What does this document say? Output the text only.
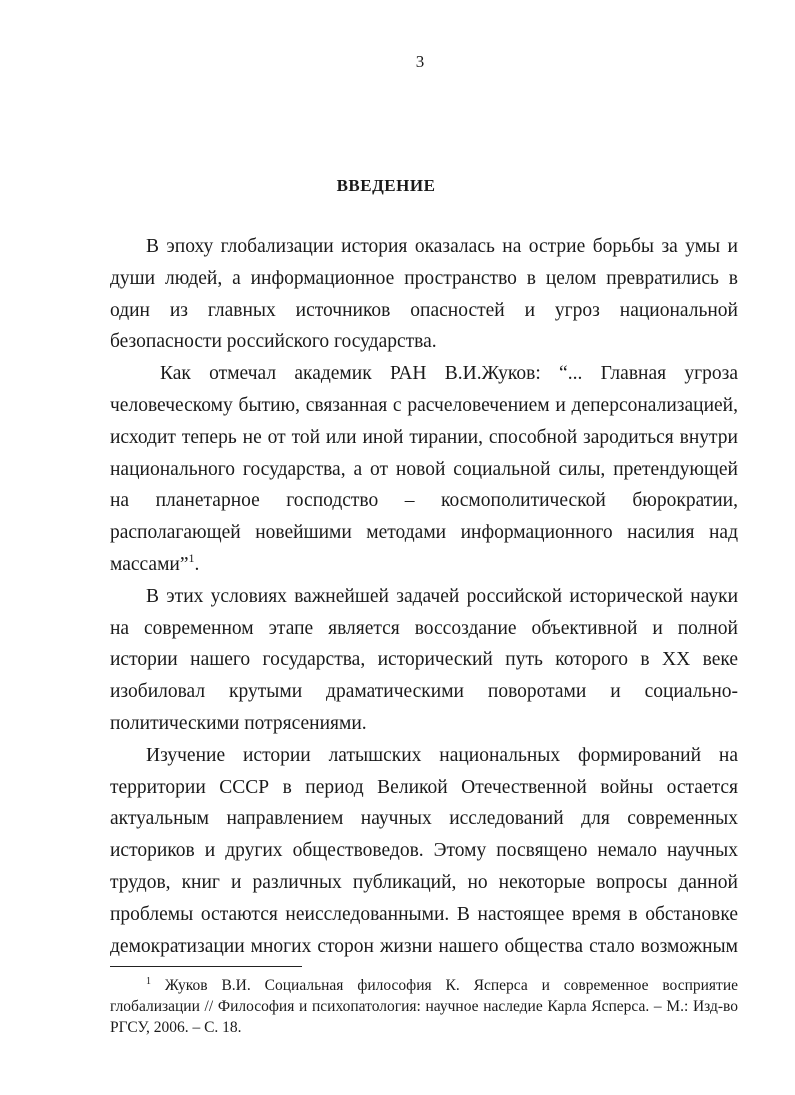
3
ВВЕДЕНИЕ

В эпоху глобализации история оказалась на острие борьбы за умы и души людей, а информационное пространство в целом превратились в один из главных источников опасностей и угроз национальной безопасности российского государства.

Как отмечал академик РАН В.И.Жуков: “... Главная угроза человеческому бытию, связанная с расчеловечением и деперсонализацией, исходит теперь не от той или иной тирании, способной зародиться внутри национального государства, а от новой социальной силы, претендующей на планетарное господство – космополитической бюрократии, располагающей новейшими методами информационного насилия над массами”$^1$.

В этих условиях важнейшей задачей российской исторической науки на современном этапе является воссоздание объективной и полной истории нашего государства, исторический путь которого в XX веке изобиловал крутыми драматическими поворотами и социально-политическими потрясениями.

Изучение истории латышских национальных формирований на территории СССР в период Великой Отечественной войны остается актуальным направлением научных исследований для современных историков и других обществоведов. Этому посвящено немало научных трудов, книг и различных публикаций, но некоторые вопросы данной проблемы остаются неисследованными. В настоящее время в обстановке демократизации многих сторон жизни нашего общества стало возможным

$^1$ Жуков В.И. Социальная философия К. Ясперса и современное восприятие глобализации // Философия и психопатология: научное наследие Карла Ясперса. – М.: Изд-во РГСУ, 2006. – С. 18.
